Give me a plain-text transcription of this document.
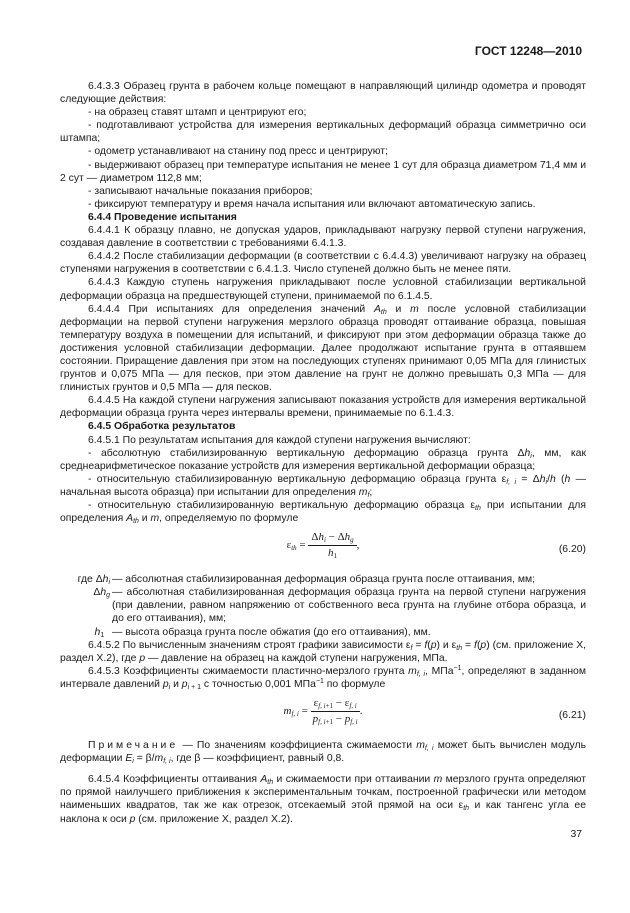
ГОСТ 12248—2010

6.4.3.3 Образец грунта в рабочем кольце помещают в направляющий цилиндр одометра и проводят следующие действия:

- на образец ставят штамп и центрируют его;

- подготавливают устройства для измерения вертикальных деформаций образца симметрично оси штампа;

- одометр устанавливают на станину под пресс и центрируют;

- выдерживают образец при температуре испытания не менее 1 сут для образца диаметром 71,4 мм и 2 сут — диаметром 112,8 мм;

- записывают начальные показания приборов;

- фиксируют температуру и время начала испытания или включают автоматическую запись.

6.4.4 Проведение испытания

6.4.4.1 К образцу плавно, не допуская ударов, прикладывают нагрузку первой ступени нагружения, создавая давление в соответствии с требованиями 6.4.1.3.

6.4.4.2 После стабилизации деформации (в соответствии с 6.4.4.3) увеличивают нагрузку на образец ступенями нагружения в соответствии с 6.4.1.3. Число ступеней должно быть не менее пяти.

6.4.4.3 Каждую ступень нагружения прикладывают после условной стабилизации вертикальной деформации образца на предшествующей ступени, принимаемой по 6.1.4.5.

6.4.4.4 При испытаниях для определения значений $A_{th}$ и m после условной стабилизации деформации на первой ступени нагружения мерзлого образца проводят оттаивание образца, повышая температуру воздуха в помещении для испытаний, и фиксируют при этом деформации образца также до достижения условной стабилизации деформации. Далее продолжают испытание грунта в оттаявшем состоянии. Приращение давления при этом на последующих ступенях принимают 0,05 МПа для глинистых грунтов и 0,075 МПа — для песков, при этом давление на грунт не должно превышать 0,3 МПа — для глинистых грунтов и 0,5 МПа — для песков.

6.4.4.5 На каждой ступени нагружения записывают показания устройств для измерения вертикальной деформации образца грунта через интервалы времени, принимаемые по 6.1.4.3.

6.4.5 Обработка результатов

6.4.5.1 По результатам испытания для каждой ступени нагружения вычисляют:

- абсолютную стабилизированную вертикальную деформацию образца грунта $\Delta h_i$, мм, как среднеарифметическое показание устройств для измерения вертикальной деформации образца;

- относительную стабилизированную вертикальную деформацию образца грунта $\varepsilon_{f, i} = \Delta h_i/h$ (h — начальная высота образца) при испытании для определения $m_f$;

- относительную стабилизированную вертикальную деформацию образца $\varepsilon_{th}$ при испытании для определения $A_{th}$ и m, определяемую по формуле

$\varepsilon_{th} = \frac{\Delta h_i - \Delta h_g}{h_1}$ ,	(6.20)
где $\Delta h_i$ — абсолютная стабилизированная деформация образца грунта после оттаивания, мм;
$\Delta h_g$ — абсолютная стабилизированная деформация образца грунта на первой ступени нагружения (при давлении, равном напряжению от собственного веса грунта на глубине отбора образца, и до его оттаивания), мм;
$h_1$ — высота образца грунта после обжатия (до его оттаивания), мм.

6.4.5.2 По вычисленным значениям строят графики зависимости $\varepsilon_f = f(p)$ и $\varepsilon_{th} = f(p)$ (см. приложение Х, раздел Х.2), где p — давление на образец на каждой ступени нагружения, МПа.

6.4.5.3 Коэффициенты сжимаемости пластично-мерзлого грунта $m_{f, i}$, МПа$^{-1}$, определяют в заданном интервале давлений $p_i$ и $p_{i + 1}$ с точностью 0,001 МПа$^{-1}$ по формуле

$m_{f, i} = \frac{\varepsilon_{f, i+1} - \varepsilon_{f, i}}{p_{f, i+1} - p_{f, i}}$ .	(6.21)

Примечание — По значениям коэффициента сжимаемости $m_{f, i}$ может быть вычислен модуль деформации $E_i = \beta/m_{f, i}$, где β — коэффициент, равный 0,8.

6.4.5.4 Коэффициенты оттаивания $A_{th}$ и сжимаемости при оттаивании m мерзлого грунта определяют по прямой наилучшего приближения к экспериментальным точкам, построенной графически или методом наименьших квадратов, так же как отрезок, отсекаемый этой прямой на оси $\varepsilon_{th}$ и как тангенс угла ее наклона к оси p (см. приложение Х, раздел Х.2).

37
